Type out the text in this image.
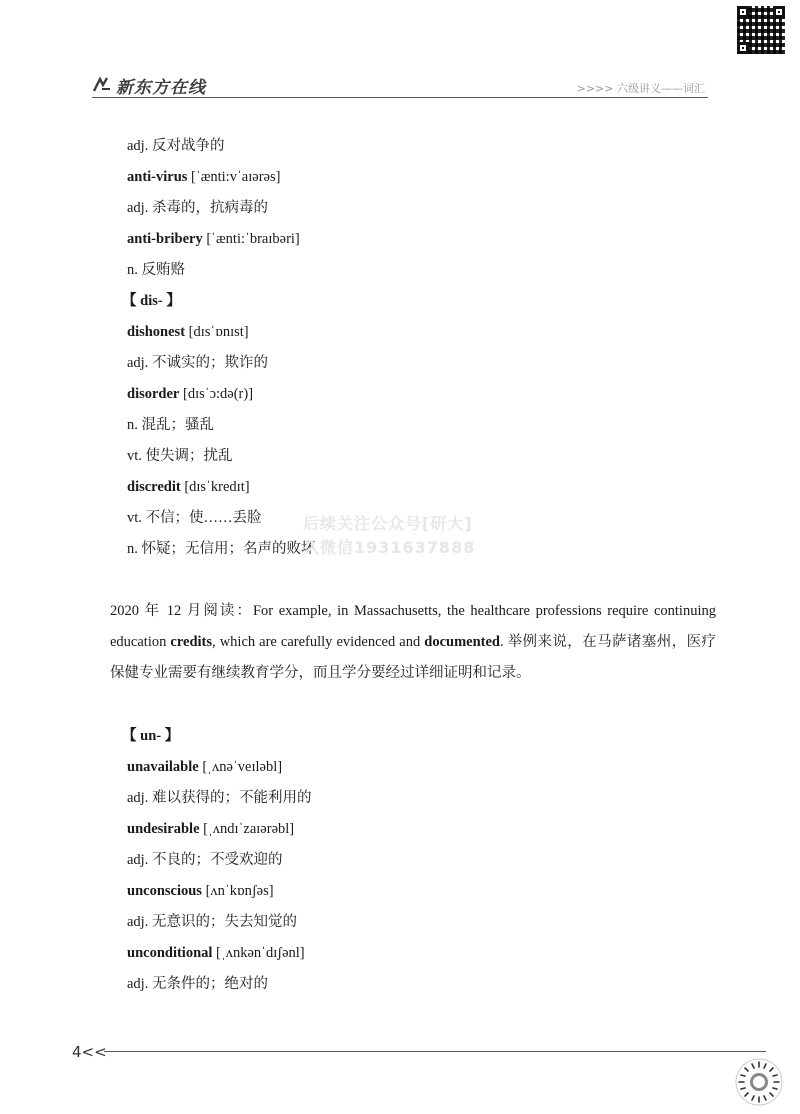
新东方在线	>>>> 六级讲义——词汇
adj. 反对战争的
anti-virus [ˈænti:vˈaɪərəs]
adj. 杀毒的，抗病毒的
anti-bribery [ˈænti:ˈbraɪbəri]
n. 反贿赂
【 dis- 】
dishonest [dɪsˈɒnɪst]
adj. 不诚实的；欺诈的
disorder [dɪsˈɔ:də(r)]
n. 混乱；骚乱
vt. 使失调；扰乱
discredit [dɪsˈkredɪt]
vt. 不信；使……丢脸
n. 怀疑；无信用；名声的败坏
后续关注公众号[研大]
久微信1931637888
2020 年 12 月阅读：For example, in Massachusetts, the healthcare professions require continuing education credits, which are carefully evidenced and documented. 举例来说，在马萨诸塞州，医疗保健专业需要有继续教育学分，而且学分要经过详细证明和记录。
【 un- 】
unavailable [ˌʌnəˈveɪləbl]
adj. 难以获得的；不能利用的
undesirable [ˌʌndɪˈzaɪərəbl]
adj. 不良的；不受欢迎的
unconscious [ʌnˈkɒnʃəs]
adj. 无意识的；失去知觉的
unconditional [ˌʌnkənˈdɪʃənl]
adj. 无条件的；绝对的
4<<
